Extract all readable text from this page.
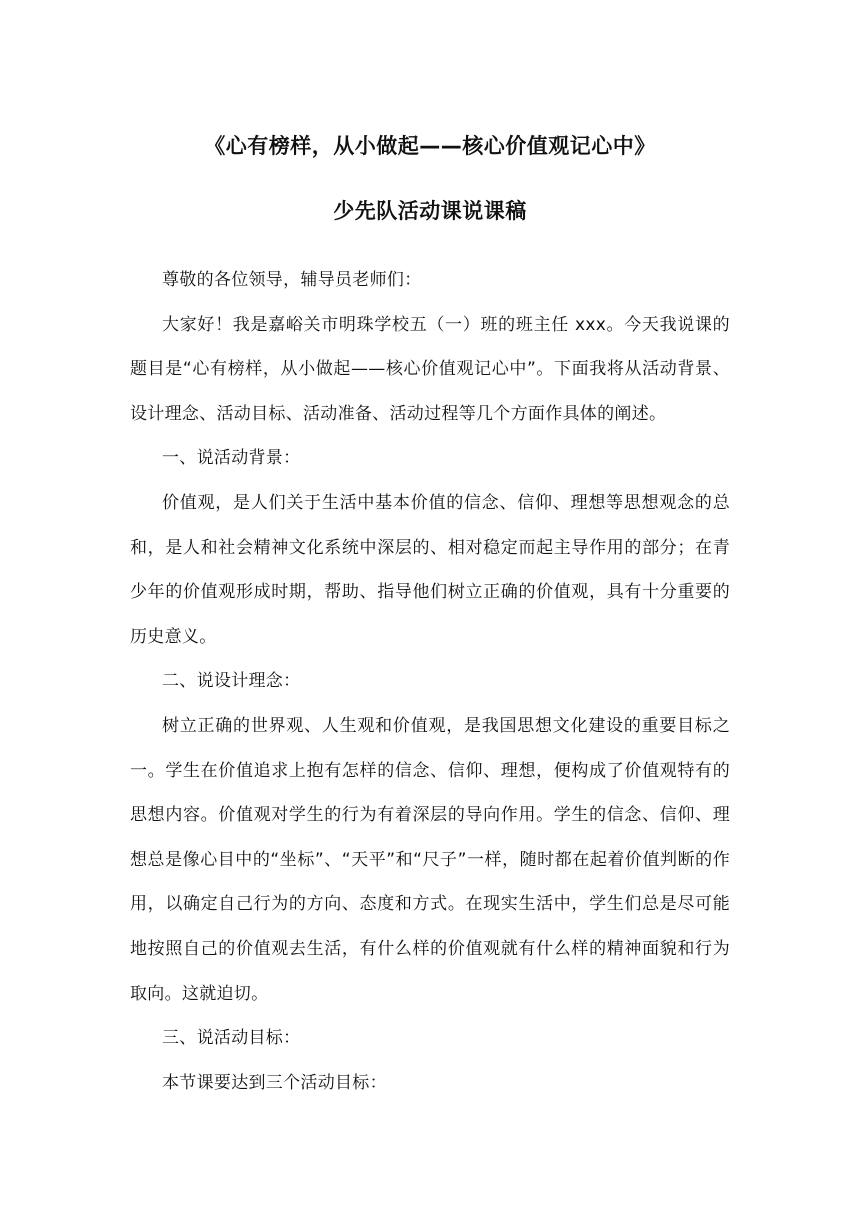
《心有榜样，从小做起——核心价值观记心中》
少先队活动课说课稿

尊敬的各位领导，辅导员老师们：

大家好！我是嘉峪关市明珠学校五（一）班的班主任 xxx。今天我说课的题目是“心有榜样，从小做起——核心价值观记心中”。下面我将从活动背景、设计理念、活动目标、活动准备、活动过程等几个方面作具体的阐述。

一、说活动背景：

价值观，是人们关于生活中基本价值的信念、信仰、理想等思想观念的总和，是人和社会精神文化系统中深层的、相对稳定而起主导作用的部分；在青少年的价值观形成时期，帮助、指导他们树立正确的价值观，具有十分重要的历史意义。

二、说设计理念：

树立正确的世界观、人生观和价值观，是我国思想文化建设的重要目标之一。学生在价值追求上抱有怎样的信念、信仰、理想，便构成了价值观特有的思想内容。价值观对学生的行为有着深层的导向作用。学生的信念、信仰、理想总是像心目中的“坐标”、“天平”和“尺子”一样，随时都在起着价值判断的作用，以确定自己行为的方向、态度和方式。在现实生活中，学生们总是尽可能地按照自己的价值观去生活，有什么样的价值观就有什么样的精神面貌和行为取向。这就迫切。

三、说活动目标：

本节课要达到三个活动目标：
